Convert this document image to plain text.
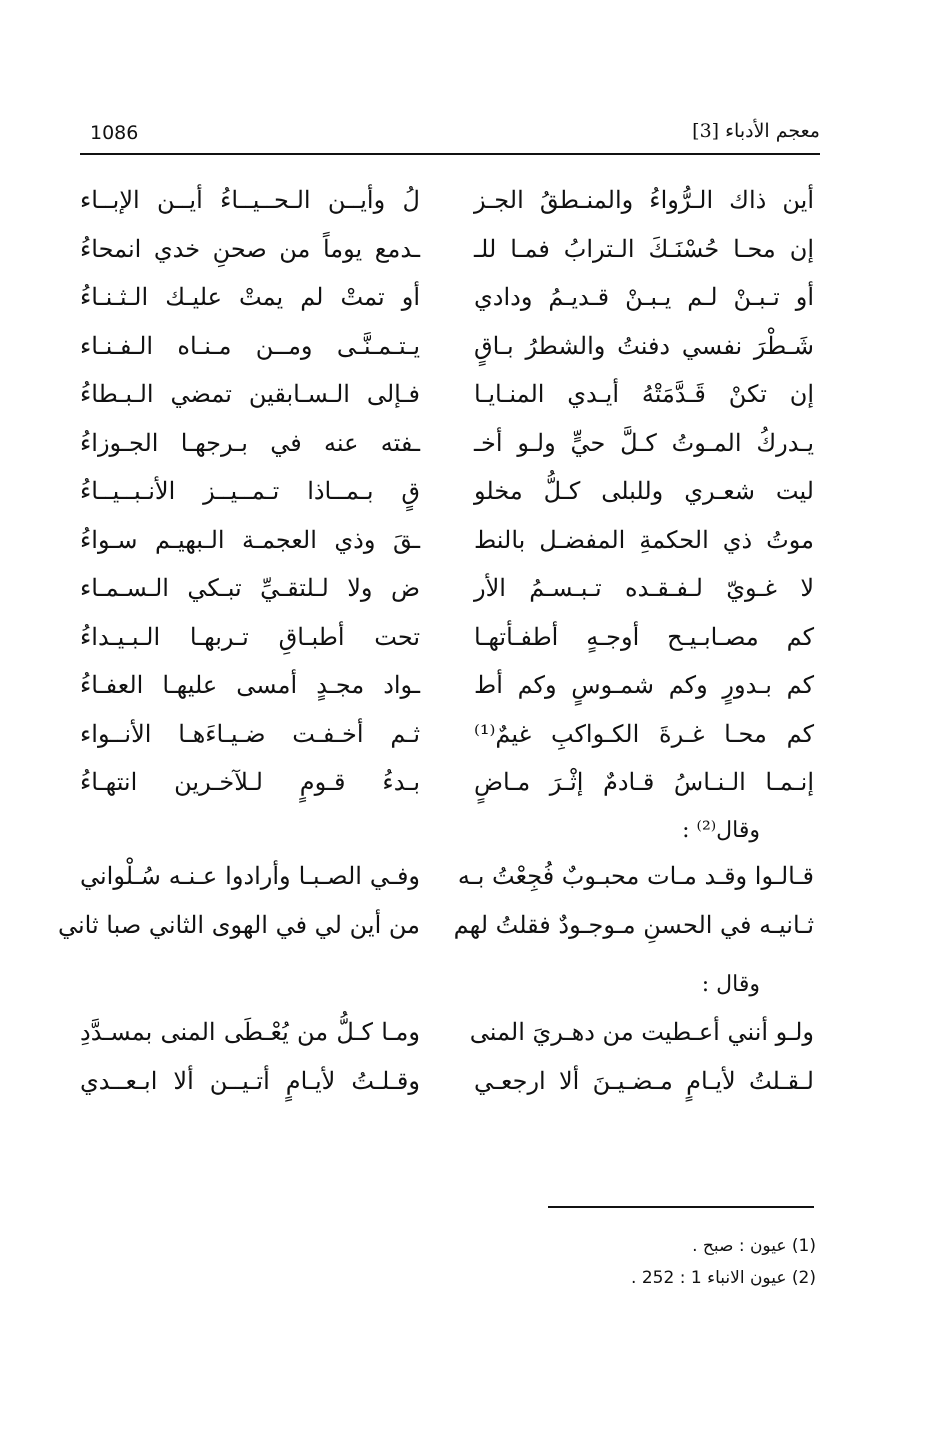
1086	معجم الأدباء [3]
أين ذاك الـرُّواءُ والمنـطقُ الجـز
لُ وأيــن الـحــيــاءُ أيــن الإبــاء
إن محـا حُسْنَـكَ الـترابُ فمـا للـ
ـدمع يوماً من صحنِ خدي انمحاءُ
أو تـبـنْ لـم يـبـنْ قـديـمُ ودادي
أو تمتْ لم يمتْ عليـك الـثـنـاءُ
شَـطْرَ نفسي دفنتُ والشطرُ بـاقٍ
يـتـمـنَّـى ومــن مـنـاه الـفـنـاء
إن تكنْ قَـدَّمَتْهُ أيـدي المنـايـا
فـإلى الـسـابقين تمضي الـبـطاءُ
يـدركُ المـوتُ كـلَّ حيٍّ ولـو أخـ
ـفته عنه في بـرجهـا الجـوزاءُ
ليت شعـري وللبلى كـلُّ مخلو
قٍ بـمــاذا تـمــيــز الأنـبــيــاءُ
موتُ ذي الحكمةِ المفضـل بالنط
ـقَ وذي العجمـة الـبهيـم سـواءُ
لا غـويّ لـفـقـده تـبـسـمُ الأر
ض ولا لـلتقـيِّ تبـكي الـسـمـاء
كم مصـابـيـح أوجـهٍ أطفـأتهـا
تحت أطبـاقِ تـربهـا الـبـيـداءُ
كم بـدورٍ وكم شمـوسٍ وكم أط
ـواد مجـدٍ أمسى عليهـا العفـاءُ
كم محـا غـرةَ الكـواكبِ غيمٌ⁽¹⁾
ثـم أخـفـت ضـيـاءَهـا الأنــواء
إنـمـا الـنـاسُ قـادمٌ إثْـرَ مـاضٍ
بـدءُ قـومٍ لـلآخـرين انتهـاءُ
وقال⁽²⁾ :
قـالـوا وقـد مـات محبـوبٌ فُجِعْتُ بـه
وفـي الصـبـا وأرادوا عـنـه سُـلْواني
ثـانيـه في الحسنِ مـوجـودٌ فقلتُ لهم
من أين لي في الهوى الثاني صبا ثاني
وقال :
ولـو أنني أعـطيت من دهـريَ المنى
ومـا كـلُّ من يُعْـطَى المنى بمسـدَّدِ
لـقـلتُ لأيـامٍ مـضـيـنَ ألا ارجعـي
وقـلـتُ لأيـامٍ أتـيــن ألا ابـعــدي
(1) عيون : صبح .
(2) عيون الانباء 1 : 252 .
